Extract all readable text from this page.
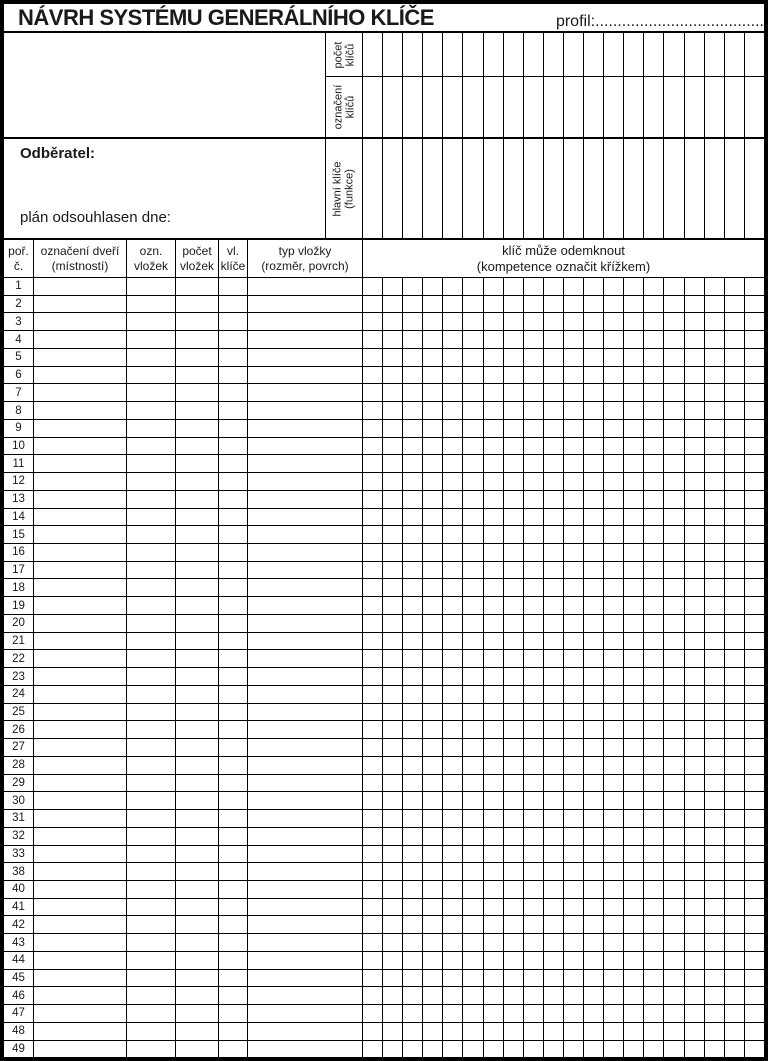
NÁVRH SYSTÉMU GENERÁLNÍHO KLÍČE	profil:......................................
počet klíčů
označení klíčů
Odběratel:
plán odsouhlasen dne:
hlavní klíče (funkce)
poř.
č.
označení dveří
(místností)
ozn.
vložek
počet
vložek
vl.
klíče
typ vložky
(rozměr, povrch)
klíč může odemknout
(kompetence označit křížkem)
1
2
3
4
5
6
7
8
9
10
11
12
13
14
15
16
17
18
19
20
21
22
23
24
25
26
27
28
29
30
31
32
33
38
40
41
42
43
44
45
46
47
48
49
